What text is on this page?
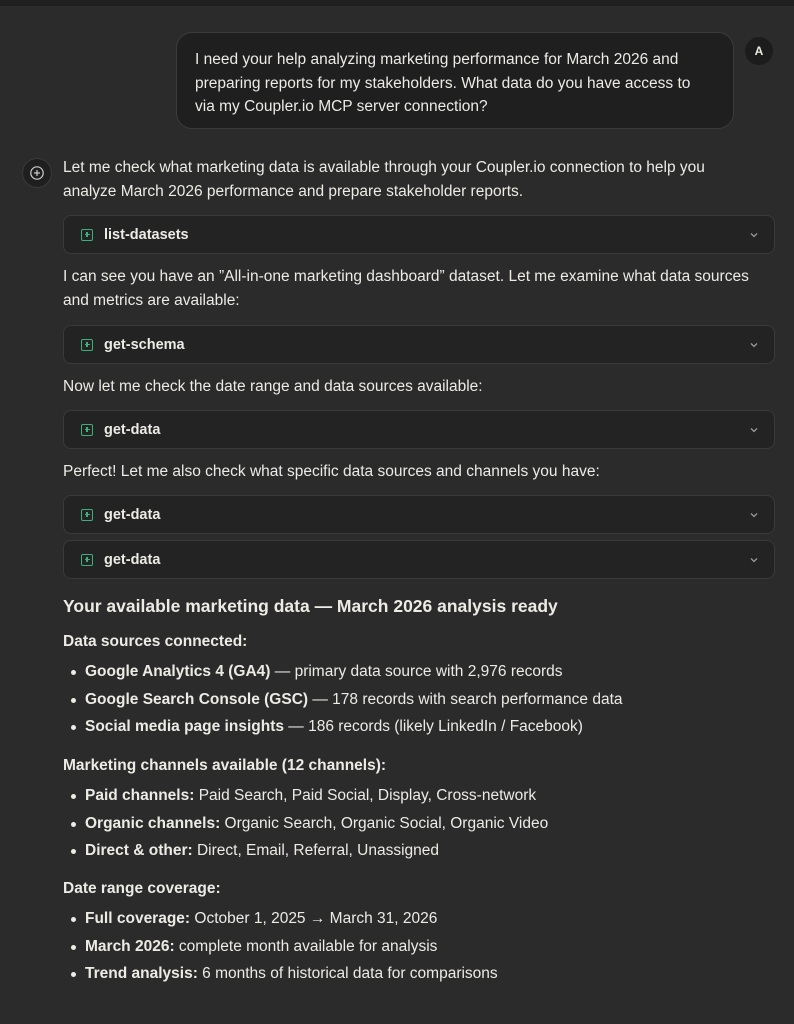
I need your help analyzing marketing performance for March 2026 and
preparing reports for my stakeholders. What data do you have access to
via my Coupler.io MCP server connection?
A
Let me check what marketing data is available through your Coupler.io connection to help you
analyze March 2026 performance and prepare stakeholder reports.
list-datasets
I can see you have an ”All-in-one marketing dashboard” dataset. Let me examine what data sources
and metrics are available:
get-schema
Now let me check the date range and data sources available:
get-data
Perfect! Let me also check what specific data sources and channels you have:
get-data
get-data
Your available marketing data — March 2026 analysis ready
Data sources connected:
Google Analytics 4 (GA4) — primary data source with 2,976 records
Google Search Console (GSC) — 178 records with search performance data
Social media page insights — 186 records (likely LinkedIn / Facebook)
Marketing channels available (12 channels):
Paid channels: Paid Search, Paid Social, Display, Cross-network
Organic channels: Organic Search, Organic Social, Organic Video
Direct & other: Direct, Email, Referral, Unassigned
Date range coverage:
Full coverage: October 1, 2025 → March 31, 2026
March 2026: complete month available for analysis
Trend analysis: 6 months of historical data for comparisons
